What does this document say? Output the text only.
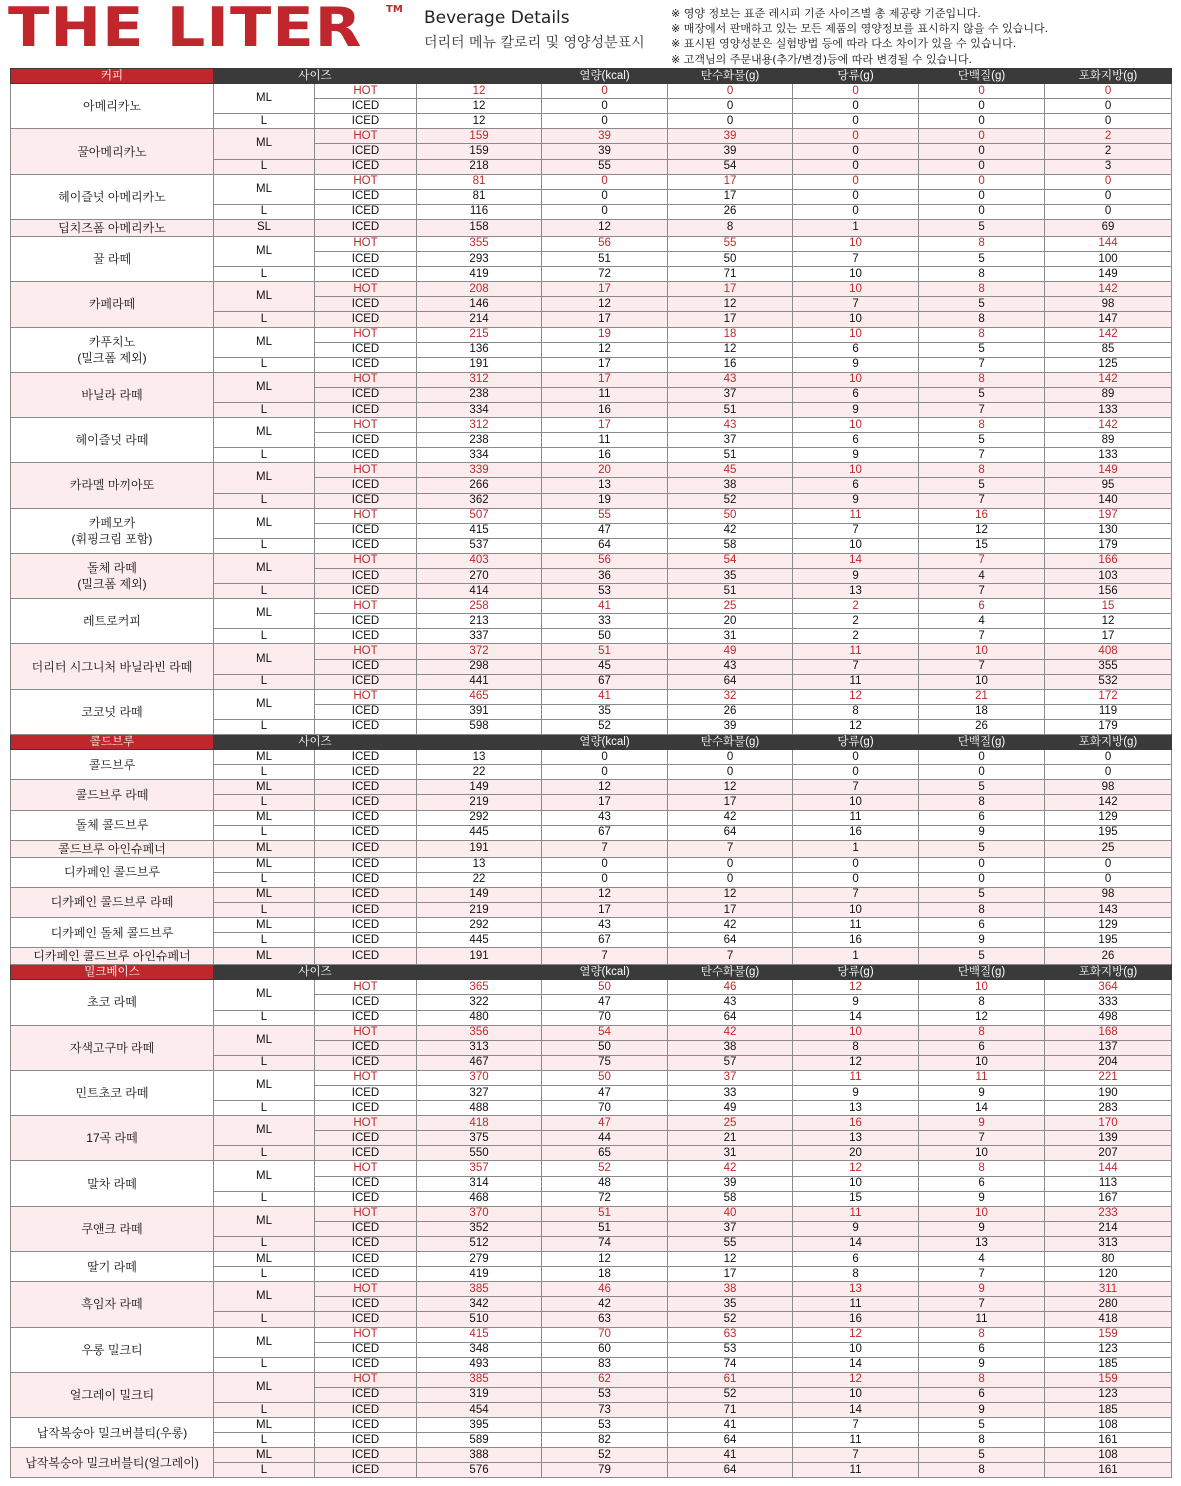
THE LITER TM Beverage Details
더리터 메뉴 칼로리 및 영양성분표시
※ 영양 정보는 표준 레시피 기준 사이즈별 총 제공량 기준입니다.
※ 매장에서 판매하고 있는 모든 제품의 영양정보를 표시하지 않을 수 있습니다.
※ 표시된 영양성분은 실험방법 등에 따라 다소 차이가 있을 수 있습니다.
※ 고객님의 주문내용(추가/변경)등에 따라 변경될 수 있습니다.
커피	사이즈			열량(kcal)	탄수화물(g)	당류(g)	단백질(g)	포화지방(g)	

아메리카노	ML	HOT	12	0	0	0	0	0	
		ICED	12	0	0	0	0	0	
	L	ICED	12	0	0	0	0	0	

꿀아메리카노	ML	HOT	159	39	39	0	0	2	
		ICED	159	39	39	0	0	2	
	L	ICED	218	55	54	0	0	3	

헤이즐넛 아메리카노	ML	HOT	81	0	17	0	0	0	
		ICED	81	0	17	0	0	0	
	L	ICED	116	0	26	0	0	0	

딥치즈폼 아메리카노	SL	ICED	158	12	8	1	5	69	

꿀 라떼	ML	HOT	355	56	55	10	8	144	
		ICED	293	51	50	7	5	100	
	L	ICED	419	72	71	10	8	149	

카페라떼	ML	HOT	208	17	17	10	8	142	
		ICED	146	12	12	7	5	98	
	L	ICED	214	17	17	10	8	147	

카푸치노
(밀크폼 제외)	ML	HOT	215	19	18	10	8	142	
		ICED	136	12	12	6	5	85	
	L	ICED	191	17	16	9	7	125	

바닐라 라떼	ML	HOT	312	17	43	10	8	142	
		ICED	238	11	37	6	5	89	
	L	ICED	334	16	51	9	7	133	

헤이즐넛 라떼	ML	HOT	312	17	43	10	8	142	
		ICED	238	11	37	6	5	89	
	L	ICED	334	16	51	9	7	133	

카라멜 마끼아또	ML	HOT	339	20	45	10	8	149	
		ICED	266	13	38	6	5	95	
	L	ICED	362	19	52	9	7	140	

카페모카
(휘핑크림 포함)	ML	HOT	507	55	50	11	16	197	
		ICED	415	47	42	7	12	130	
	L	ICED	537	64	58	10	15	179	

돌체 라떼
(밀크폼 제외)	ML	HOT	403	56	54	14	7	166	
		ICED	270	36	35	9	4	103	
	L	ICED	414	53	51	13	7	156	

레트로커피	ML	HOT	258	41	25	2	6	15	
		ICED	213	33	20	2	4	12	
	L	ICED	337	50	31	2	7	17	

더리터 시그니처 바닐라빈 라떼	ML	HOT	372	51	49	11	10	408	
		ICED	298	45	43	7	7	355	
	L	ICED	441	67	64	11	10	532	

코코넛 라떼	ML	HOT	465	41	32	12	21	172	
		ICED	391	35	26	8	18	119	
	L	ICED	598	52	39	12	26	179	
콜드브루	사이즈			열량(kcal)	탄수화물(g)	당류(g)	단백질(g)	포화지방(g)	

콜드브루	ML	ICED	13	0	0	0	0	0	
	L	ICED	22	0	0	0	0	0	

콜드브루 라떼	ML	ICED	149	12	12	7	5	98	
	L	ICED	219	17	17	10	8	142	

돌체 콜드브루	ML	ICED	292	43	42	11	6	129	
	L	ICED	445	67	64	16	9	195	

콜드브루 아인슈페너	ML	ICED	191	7	7	1	5	25	

디카페인 콜드브루	ML	ICED	13	0	0	0	0	0	
	L	ICED	22	0	0	0	0	0	

디카페인 콜드브루 라떼	ML	ICED	149	12	12	7	5	98	
	L	ICED	219	17	17	10	8	143	

디카페인 돌체 콜드브루	ML	ICED	292	43	42	11	6	129	
	L	ICED	445	67	64	16	9	195	

디카페인 콜드브루 아인슈페너	ML	ICED	191	7	7	1	5	26	
밀크베이스	사이즈			열량(kcal)	탄수화물(g)	당류(g)	단백질(g)	포화지방(g)	

초코 라떼	ML	HOT	365	50	46	12	10	364	
		ICED	322	47	43	9	8	333	
	L	ICED	480	70	64	14	12	498	

자색고구마 라떼	ML	HOT	356	54	42	10	8	168	
		ICED	313	50	38	8	6	137	
	L	ICED	467	75	57	12	10	204	

민트초코 라떼	ML	HOT	370	50	37	11	11	221	
		ICED	327	47	33	9	9	190	
	L	ICED	488	70	49	13	14	283	

17곡 라떼	ML	HOT	418	47	25	16	9	170	
		ICED	375	44	21	13	7	139	
	L	ICED	550	65	31	20	10	207	

말차 라떼	ML	HOT	357	52	42	12	8	144	
		ICED	314	48	39	10	6	113	
	L	ICED	468	72	58	15	9	167	

쿠앤크 라떼	ML	HOT	370	51	40	11	10	233	
		ICED	352	51	37	9	9	214	
	L	ICED	512	74	55	14	13	313	

딸기 라떼	ML	ICED	279	12	12	6	4	80	
	L	ICED	419	18	17	8	7	120	

흑임자 라떼	ML	HOT	385	46	38	13	9	311	
		ICED	342	42	35	11	7	280	
	L	ICED	510	63	52	16	11	418	

우롱 밀크티	ML	HOT	415	70	63	12	8	159	
		ICED	348	60	53	10	6	123	
	L	ICED	493	83	74	14	9	185	

얼그레이 밀크티	ML	HOT	385	62	61	12	8	159	
		ICED	319	53	52	10	6	123	
	L	ICED	454	73	71	14	9	185	

납작복숭아 밀크버블티(우롱)	ML	ICED	395	53	41	7	5	108	
	L	ICED	589	82	64	11	8	161	

납작복숭아 밀크버블티(얼그레이)	ML	ICED	388	52	41	7	5	108	
	L	ICED	576	79	64	11	8	161	
